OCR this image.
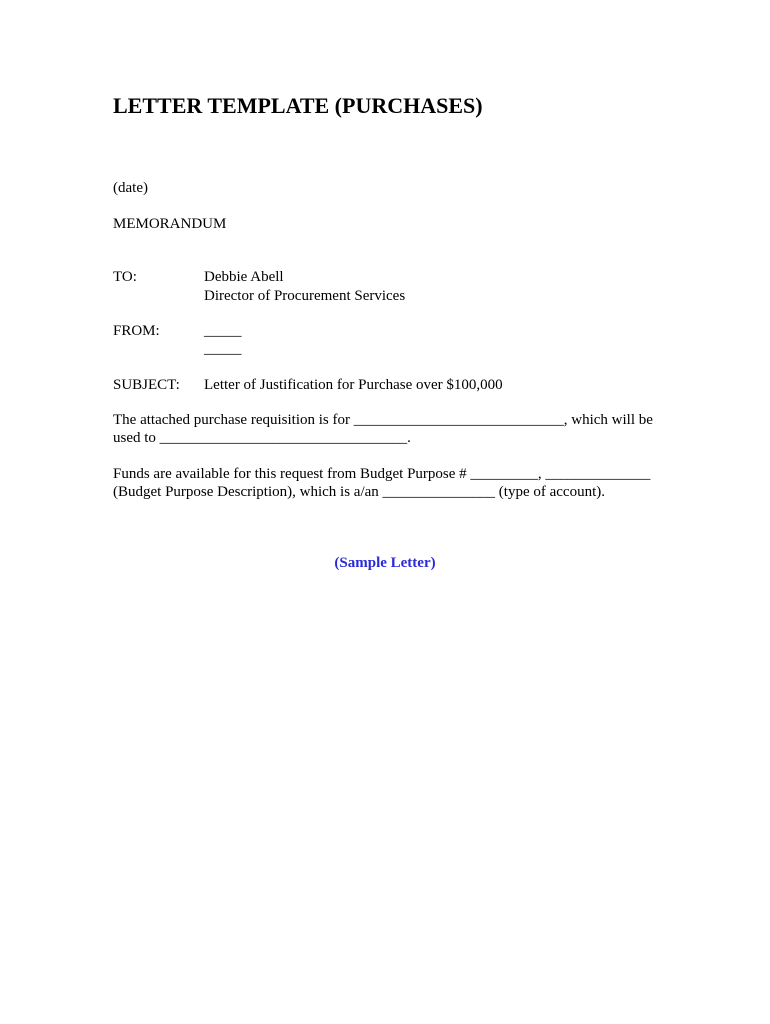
LETTER TEMPLATE (PURCHASES)
(date)
MEMORANDUM
TO:	Debbie Abell
Director of Procurement Services
FROM:	_____
_____
SUBJECT: Letter of Justification for Purchase over $100,000
The attached purchase requisition is for ____________________________, which will be
used to _________________________________.
Funds are available for this request from Budget Purpose # _________, ______________
(Budget Purpose Description), which is a/an _______________ (type of account).
(Sample Letter)
